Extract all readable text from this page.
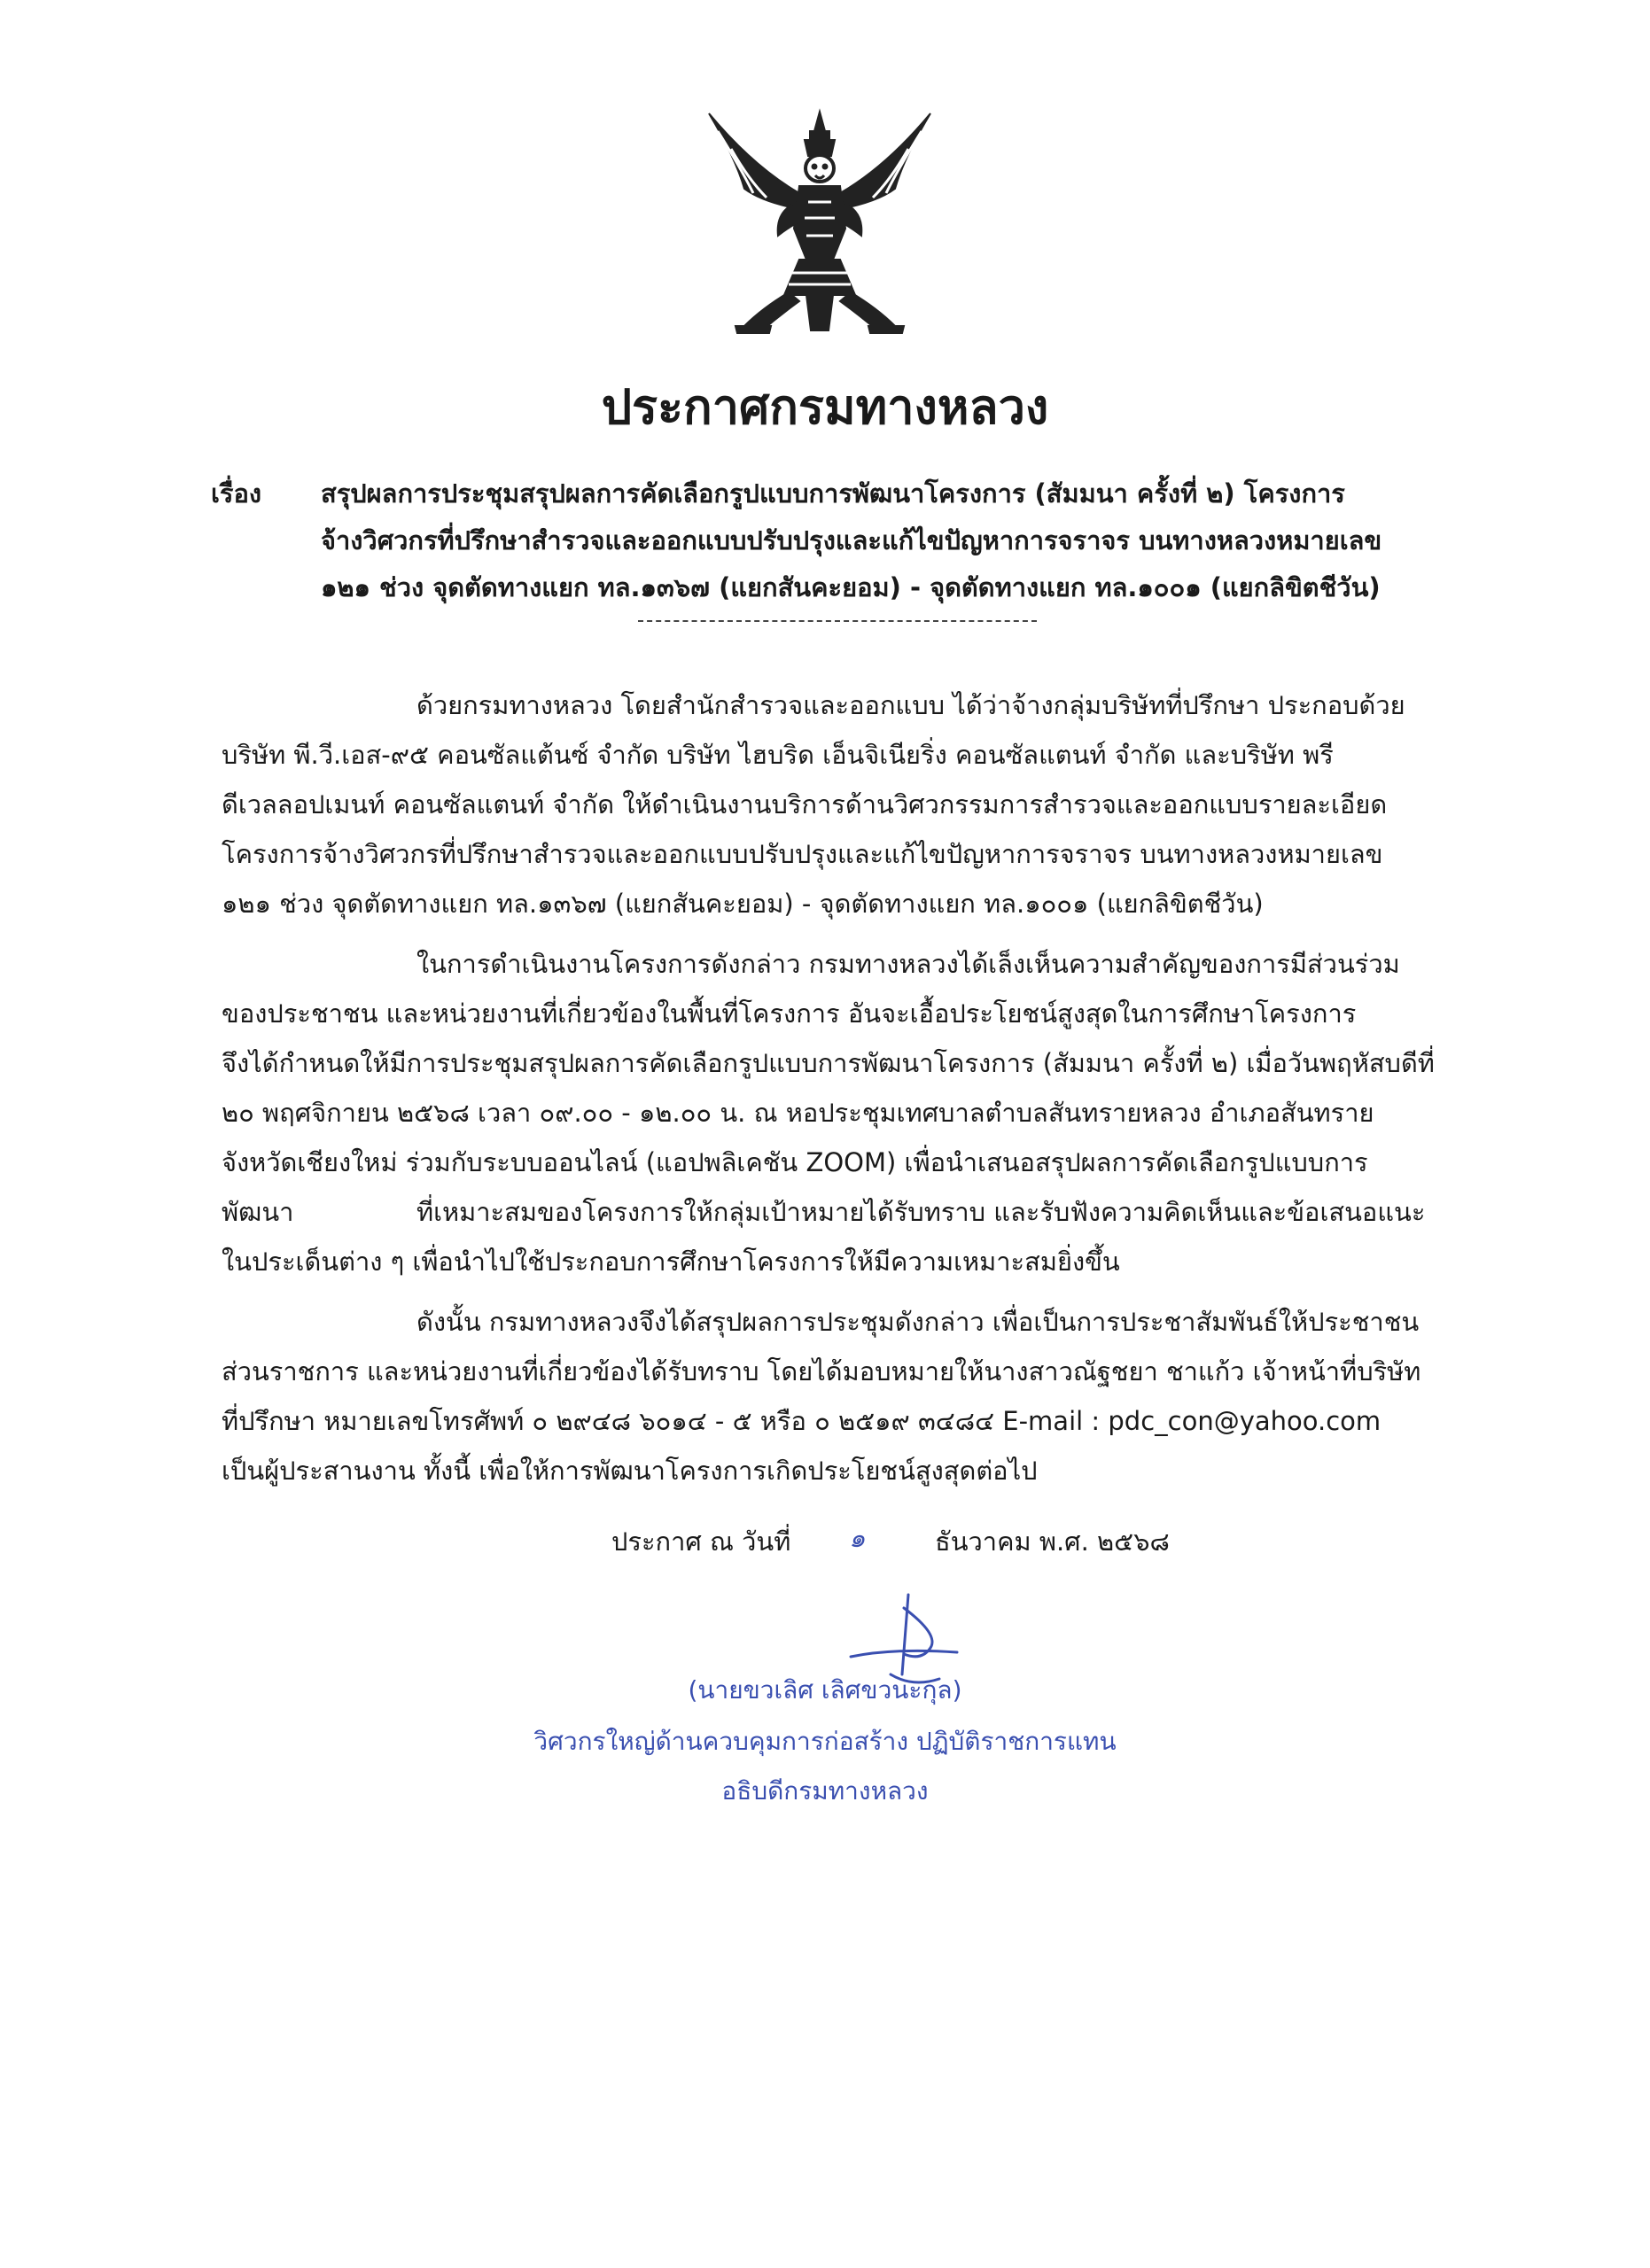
ประกาศกรมทางหลวง
เรื่อง สรุปผลการประชุมสรุปผลการคัดเลือกรูปแบบการพัฒนาโครงการ (สัมมนา ครั้งที่ ๒) โครงการ
จ้างวิศวกรที่ปรึกษาสำรวจและออกแบบปรับปรุงและแก้ไขปัญหาการจราจร บนทางหลวงหมายเลข
๑๒๑ ช่วง จุดตัดทางแยก ทล.๑๓๖๗ (แยกสันคะยอม) - จุดตัดทางแยก ทล.๑๐๐๑ (แยกลิขิตชีวัน)
ด้วยกรมทางหลวง โดยสำนักสำรวจและออกแบบ ได้ว่าจ้างกลุ่มบริษัทที่ปรึกษา ประกอบด้วย
บริษัท พี.วี.เอส-๙๕ คอนซัลแต้นซ์ จำกัด บริษัท ไฮบริด เอ็นจิเนียริ่ง คอนซัลแตนท์ จำกัด และบริษัท พรี
ดีเวลลอปเมนท์ คอนซัลแตนท์ จำกัด ให้ดำเนินงานบริการด้านวิศวกรรมการสำรวจและออกแบบรายละเอียด
โครงการจ้างวิศวกรที่ปรึกษาสำรวจและออกแบบปรับปรุงและแก้ไขปัญหาการจราจร บนทางหลวงหมายเลข
๑๒๑ ช่วง จุดตัดทางแยก ทล.๑๓๖๗ (แยกสันคะยอม) - จุดตัดทางแยก ทล.๑๐๐๑ (แยกลิขิตชีวัน)
ในการดำเนินงานโครงการดังกล่าว กรมทางหลวงได้เล็งเห็นความสำคัญของการมีส่วนร่วม
ของประชาชน และหน่วยงานที่เกี่ยวข้องในพื้นที่โครงการ อันจะเอื้อประโยชน์สูงสุดในการศึกษาโครงการ
จึงได้กำหนดให้มีการประชุมสรุปผลการคัดเลือกรูปแบบการพัฒนาโครงการ (สัมมนา ครั้งที่ ๒) เมื่อวันพฤหัสบดีที่
๒๐ พฤศจิกายน ๒๕๖๘ เวลา ๐๙.๐๐ - ๑๒.๐๐ น. ณ หอประชุมเทศบาลตำบลสันทรายหลวง อำเภอสันทราย
จังหวัดเชียงใหม่ ร่วมกับระบบออนไลน์ (แอปพลิเคชัน ZOOM) เพื่อนำเสนอสรุปผลการคัดเลือกรูปแบบการ
พัฒนา	ที่เหมาะสมของโครงการให้กลุ่มเป้าหมายได้รับทราบ และรับฟังความคิดเห็นและข้อเสนอแนะ
ในประเด็นต่าง ๆ เพื่อนำไปใช้ประกอบการศึกษาโครงการให้มีความเหมาะสมยิ่งขึ้น
ดังนั้น กรมทางหลวงจึงได้สรุปผลการประชุมดังกล่าว เพื่อเป็นการประชาสัมพันธ์ให้ประชาชน
ส่วนราชการ และหน่วยงานที่เกี่ยวข้องได้รับทราบ โดยได้มอบหมายให้นางสาวณัฐชยา ชาแก้ว เจ้าหน้าที่บริษัท
ที่ปรึกษา หมายเลขโทรศัพท์ ๐ ๒๙๔๘ ๖๐๑๔ - ๕ หรือ ๐ ๒๕๑๙ ๓๔๘๔ E-mail : pdc_con@yahoo.com
เป็นผู้ประสานงาน ทั้งนี้ เพื่อให้การพัฒนาโครงการเกิดประโยชน์สูงสุดต่อไป
ประกาศ ณ วันที่ ๑	ธันวาคม พ.ศ. ๒๕๖๘
(นายขวเลิศ เลิศขวนะกุล)
วิศวกรใหญ่ด้านควบคุมการก่อสร้าง ปฏิบัติราชการแทน
อธิบดีกรมทางหลวง
